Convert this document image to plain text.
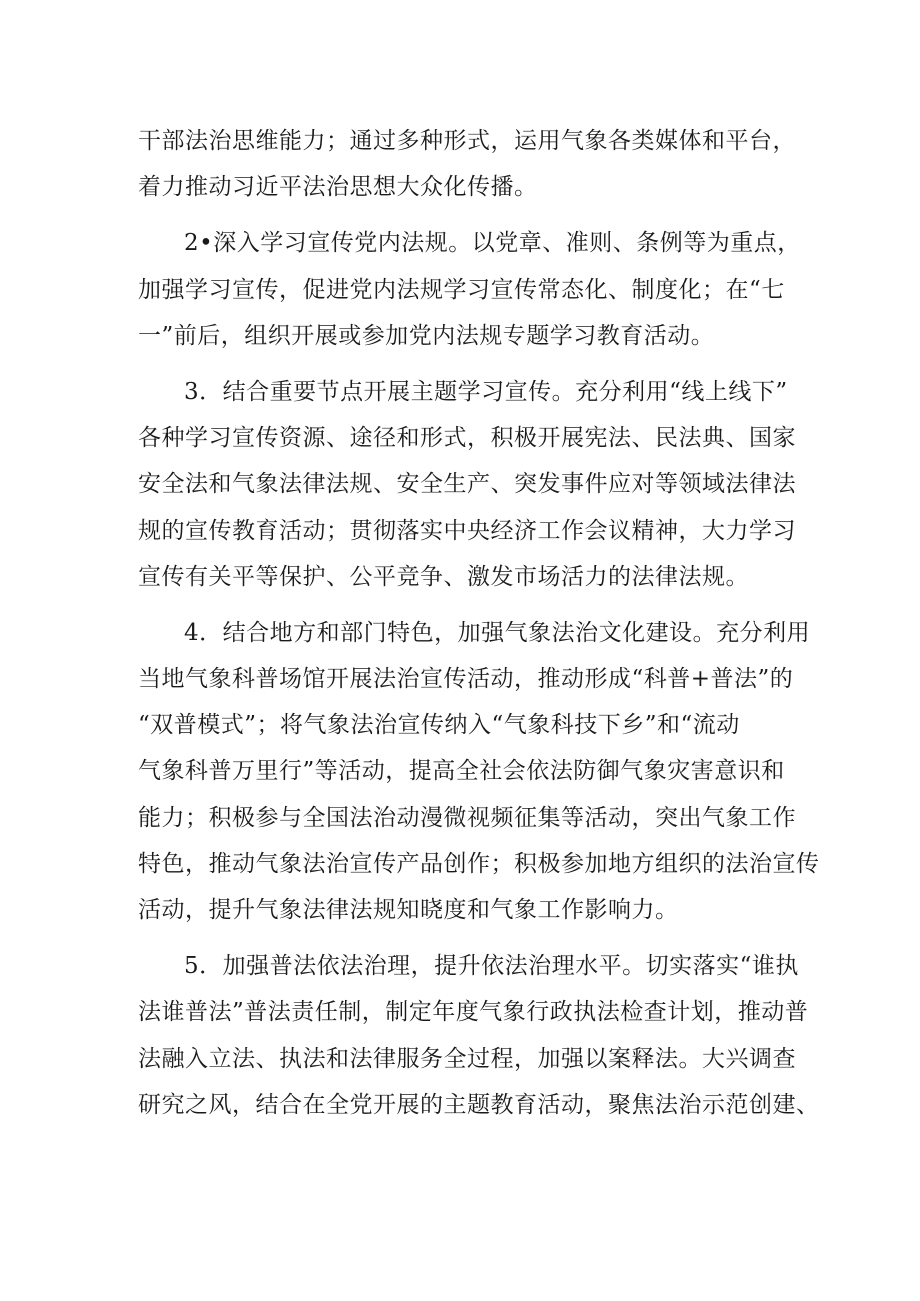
干部法治思维能力；通过多种形式，运用气象各类媒体和平台，
着力推动习近平法治思想大众化传播。
2•深入学习宣传党内法规。以党章、准则、条例等为重点，
加强学习宣传，促进党内法规学习宣传常态化、制度化；在“七
一”前后，组织开展或参加党内法规专题学习教育活动。
3．结合重要节点开展主题学习宣传。充分利用“线上线下”
各种学习宣传资源、途径和形式，积极开展宪法、民法典、国家
安全法和气象法律法规、安全生产、突发事件应对等领域法律法
规的宣传教育活动；贯彻落实中央经济工作会议精神，大力学习
宣传有关平等保护、公平竞争、激发市场活力的法律法规。
4．结合地方和部门特色，加强气象法治文化建设。充分利用
当地气象科普场馆开展法治宣传活动，推动形成“科普+普法”的
“双普模式”；将气象法治宣传纳入“气象科技下乡”和“流动
气象科普万里行”等活动，提高全社会依法防御气象灾害意识和
能力；积极参与全国法治动漫微视频征集等活动，突出气象工作
特色，推动气象法治宣传产品创作；积极参加地方组织的法治宣传
活动，提升气象法律法规知晓度和气象工作影响力。
5．加强普法依法治理，提升依法治理水平。切实落实“谁执
法谁普法”普法责任制，制定年度气象行政执法检查计划，推动普
法融入立法、执法和法律服务全过程，加强以案释法。大兴调查
研究之风，结合在全党开展的主题教育活动，聚焦法治示范创建、
